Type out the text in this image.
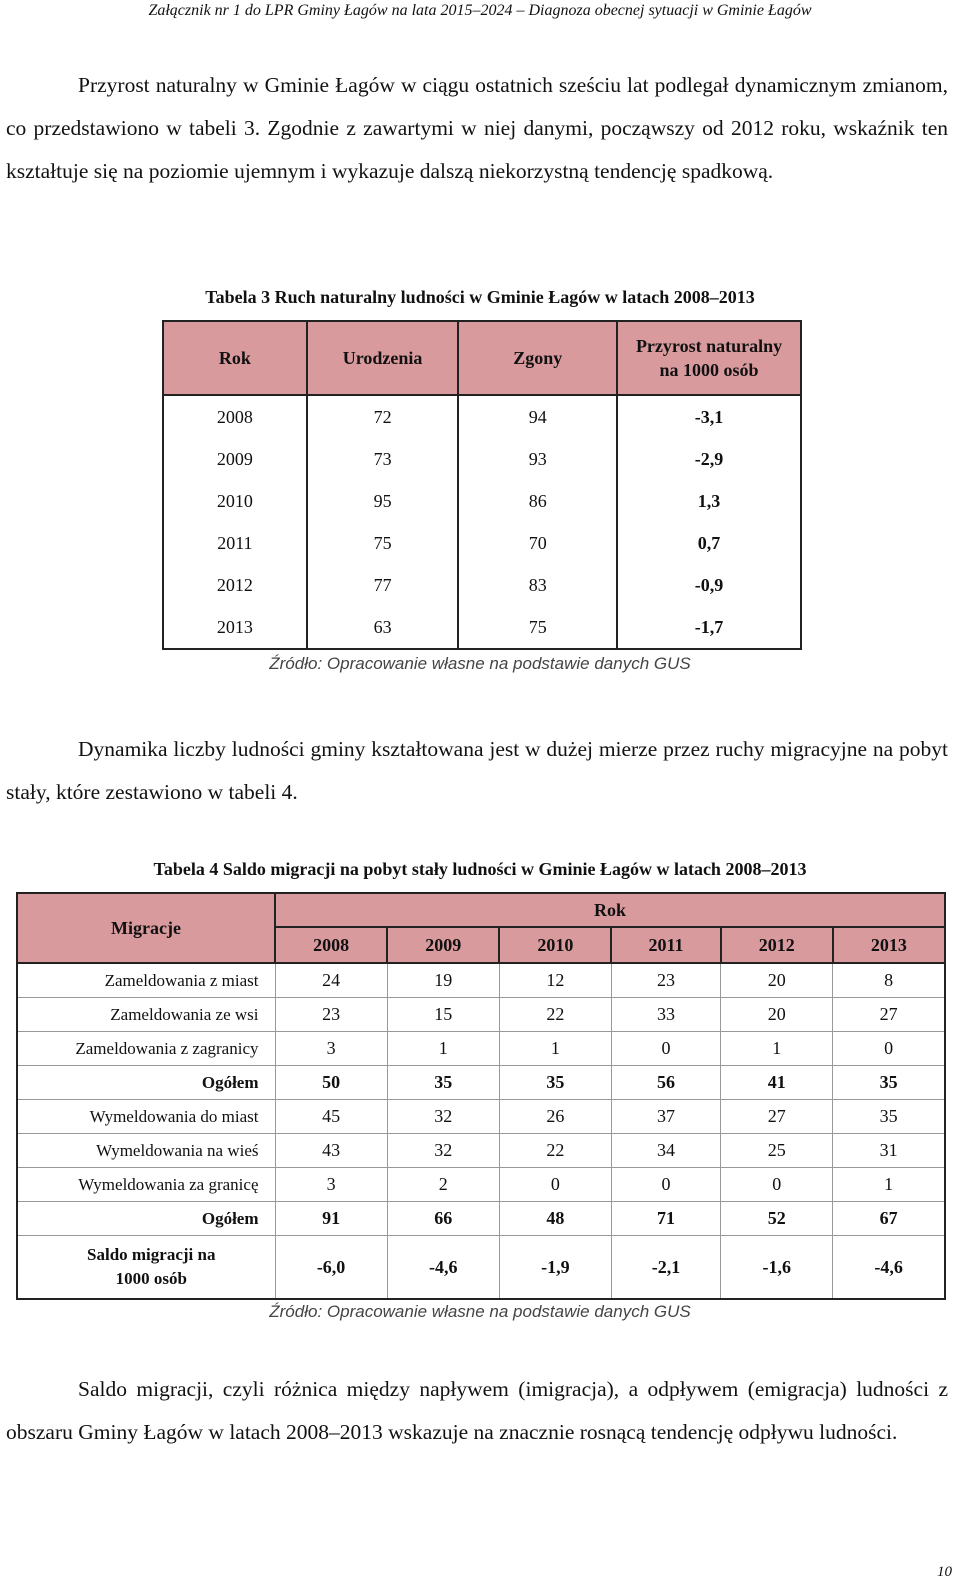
Załącznik nr 1 do LPR Gminy Łagów na lata 2015–2024 – Diagnoza obecnej sytuacji w Gminie Łagów
Przyrost naturalny w Gminie Łagów w ciągu ostatnich sześciu lat podlegał dynamicznym zmianom, co przedstawiono w tabeli 3. Zgodnie z zawartymi w niej danymi, począwszy od 2012 roku, wskaźnik ten kształtuje się na poziomie ujemnym i wykazuje dalszą niekorzystną tendencję spadkową.
Tabela 3 Ruch naturalny ludności w Gminie Łagów w latach 2008–2013
Rok	Urodzenia	Zgony	Przyrost naturalny na 1000 osób
2008	72	94	-3,1
2009	73	93	-2,9
2010	95	86	1,3
2011	75	70	0,7
2012	77	83	-0,9
2013	63	75	-1,7
Źródło: Opracowanie własne na podstawie danych GUS
Dynamika liczby ludności gminy kształtowana jest w dużej mierze przez ruchy migracyjne na pobyt stały, które zestawiono w tabeli 4.
Tabela 4 Saldo migracji na pobyt stały ludności w Gminie Łagów w latach 2008–2013
Migracje	Rok					
	2008	2009	2010	2011	2012	2013
Zameldowania z miast	24	19	12	23	20	8
Zameldowania ze wsi	23	15	22	33	20	27
Zameldowania z zagranicy	3	1	1	0	1	0
Ogółem	50	35	35	56	41	35
Wymeldowania do miast	45	32	26	37	27	35
Wymeldowania na wieś	43	32	22	34	25	31
Wymeldowania za granicę	3	2	0	0	0	1
Ogółem	91	66	48	71	52	67
Saldo migracji na 1000 osób	-6,0	-4,6	-1,9	-2,1	-1,6	-4,6
Źródło: Opracowanie własne na podstawie danych GUS
Saldo migracji, czyli różnica między napływem (imigracja), a odpływem (emigracja) ludności z obszaru Gminy Łagów w latach 2008–2013 wskazuje na znacznie rosnącą tendencję odpływu ludności.
10
